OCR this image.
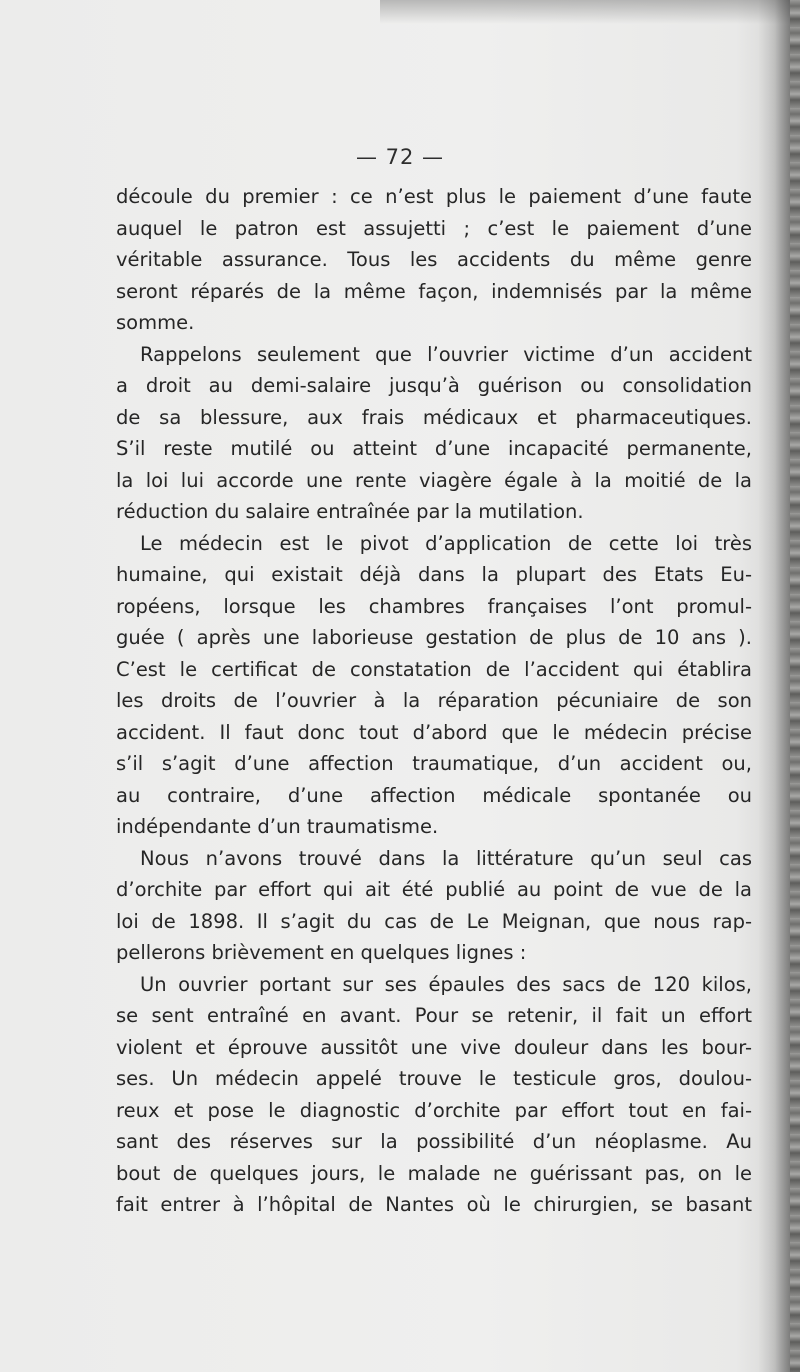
— 72 —
découle du premier : ce n’est plus le paiement d’une faute
auquel le patron est assujetti ; c’est le paiement d’une
véritable assurance. Tous les accidents du même genre
seront réparés de la même façon, indemnisés par la même
somme.
Rappelons seulement que l’ouvrier victime d’un accident
a droit au demi-salaire jusqu’à guérison ou consolidation
de sa blessure, aux frais médicaux et pharmaceutiques.
S’il reste mutilé ou atteint d’une incapacité permanente,
la loi lui accorde une rente viagère égale à la moitié de la
réduction du salaire entraînée par la mutilation.
Le médecin est le pivot d’application de cette loi très
humaine, qui existait déjà dans la plupart des Etats Eu-
ropéens, lorsque les chambres françaises l’ont promul-
guée ( après une laborieuse gestation de plus de 10 ans ).
C’est le certificat de constatation de l’accident qui établira
les droits de l’ouvrier à la réparation pécuniaire de son
accident. Il faut donc tout d’abord que le médecin précise
s’il s’agit d’une affection traumatique, d’un accident ou,
au contraire, d’une affection médicale spontanée ou
indépendante d’un traumatisme.
Nous n’avons trouvé dans la littérature qu’un seul cas
d’orchite par effort qui ait été publié au point de vue de la
loi de 1898. Il s’agit du cas de Le Meignan, que nous rap-
pellerons brièvement en quelques lignes :
Un ouvrier portant sur ses épaules des sacs de 120 kilos,
se sent entraîné en avant. Pour se retenir, il fait un effort
violent et éprouve aussitôt une vive douleur dans les bour-
ses. Un médecin appelé trouve le testicule gros, doulou-
reux et pose le diagnostic d’orchite par effort tout en fai-
sant des réserves sur la possibilité d’un néoplasme. Au
bout de quelques jours, le malade ne guérissant pas, on le
fait entrer à l’hôpital de Nantes où le chirurgien, se basant
